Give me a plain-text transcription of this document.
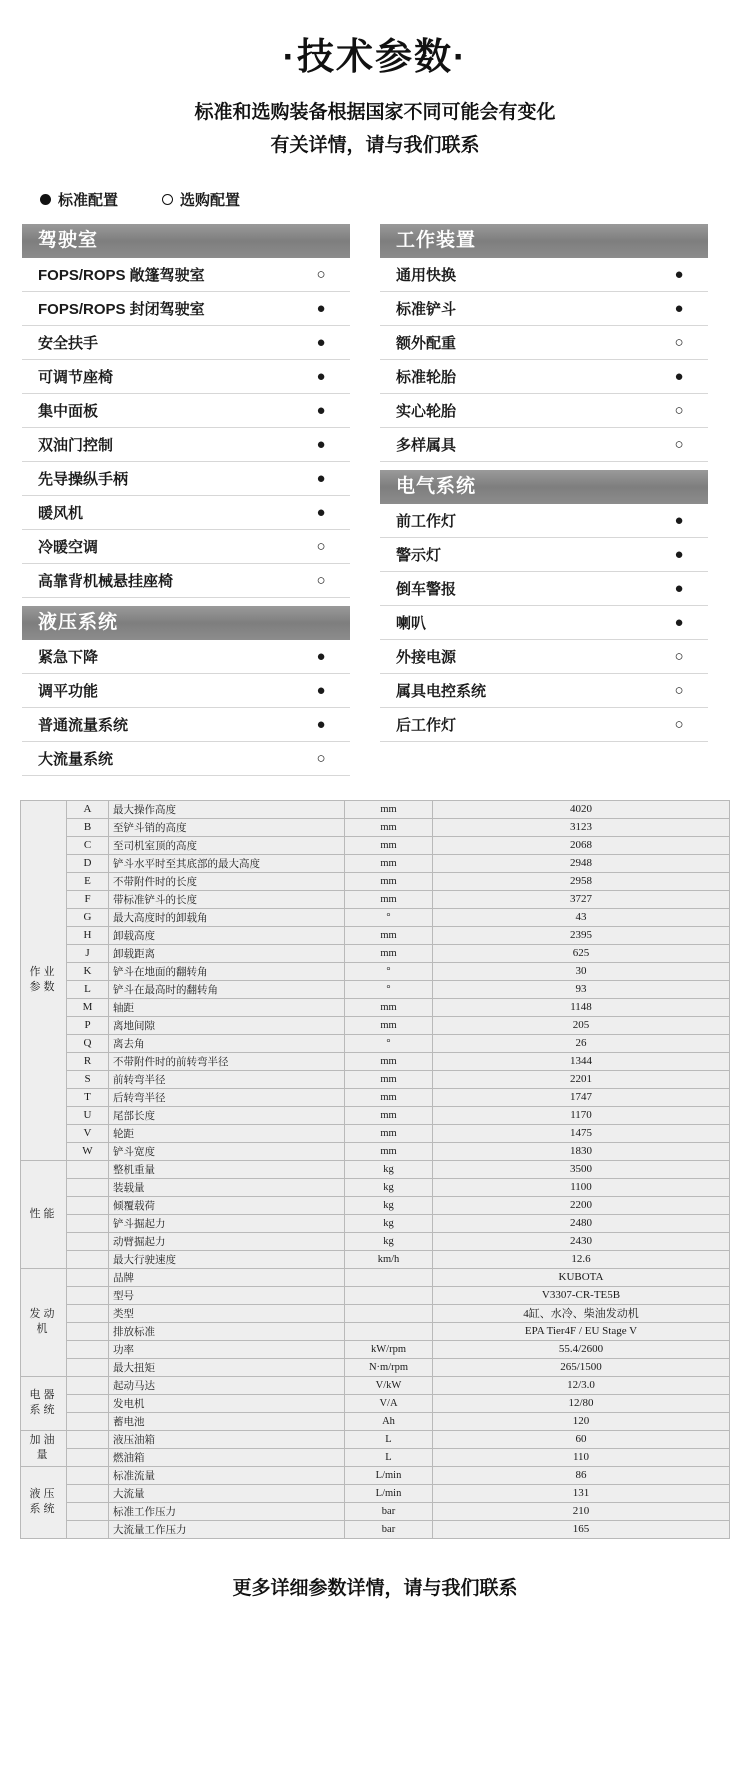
·技术参数·
标准和选购装备根据国家不同可能会有变化
有关详情，请与我们联系
标准配置	选购配置
驾驶室
FOPS/ROPS 敞篷驾驶室	○
FOPS/ROPS 封闭驾驶室	●
安全扶手	●
可调节座椅	●
集中面板	●
双油门控制	●
先导操纵手柄	●
暖风机	●
冷暖空调	○
高靠背机械悬挂座椅	○
液压系统
紧急下降	●
调平功能	●
普通流量系统	●
大流量系统	○
工作装置
通用快换	●
标准铲斗	●
额外配重	○
标准轮胎	●
实心轮胎	○
多样属具	○
电气系统
前工作灯	●
警示灯	●
倒车警报	●
喇叭	●
外接电源	○
属具电控系统	○
后工作灯	○
作业参数	A	最大操作高度	mm	4020
	B	至铲斗销的高度	mm	3123
	C	至司机室顶的高度	mm	2068
	D	铲斗水平时至其底部的最大高度	mm	2948
	E	不带附件时的长度	mm	2958
	F	带标准铲斗的长度	mm	3727
	G	最大高度时的卸载角	°	43
	H	卸载高度	mm	2395
	J	卸载距离	mm	625
	K	铲斗在地面的翻转角	°	30
	L	铲斗在最高时的翻转角	°	93
	M	轴距	mm	1148
	P	离地间隙	mm	205
	Q	离去角	°	26
	R	不带附件时的前转弯半径	mm	1344
	S	前转弯半径	mm	2201
	T	后转弯半径	mm	1747
	U	尾部长度	mm	1170
	V	轮距	mm	1475
	W	铲斗宽度	mm	1830
性能		整机重量	kg	3500
		装载量	kg	1100
		倾覆载荷	kg	2200
		铲斗掘起力	kg	2480
		动臂掘起力	kg	2430
		最大行驶速度	km/h	12.6
发动机		品牌		KUBOTA
		型号		V3307-CR-TE5B
		类型		4缸、水冷、柴油发动机
		排放标准		EPA Tier4F / EU Stage V
		功率	kW/rpm	55.4/2600
		最大扭矩	N·m/rpm	265/1500
电器系统		起动马达	V/kW	12/3.0
		发电机	V/A	12/80
		蓄电池	Ah	120
加油量		液压油箱	L	60
		燃油箱	L	110
液压系统		标准流量	L/min	86
		大流量	L/min	131
		标准工作压力	bar	210
		大流量工作压力	bar	165
更多详细参数详情，请与我们联系
